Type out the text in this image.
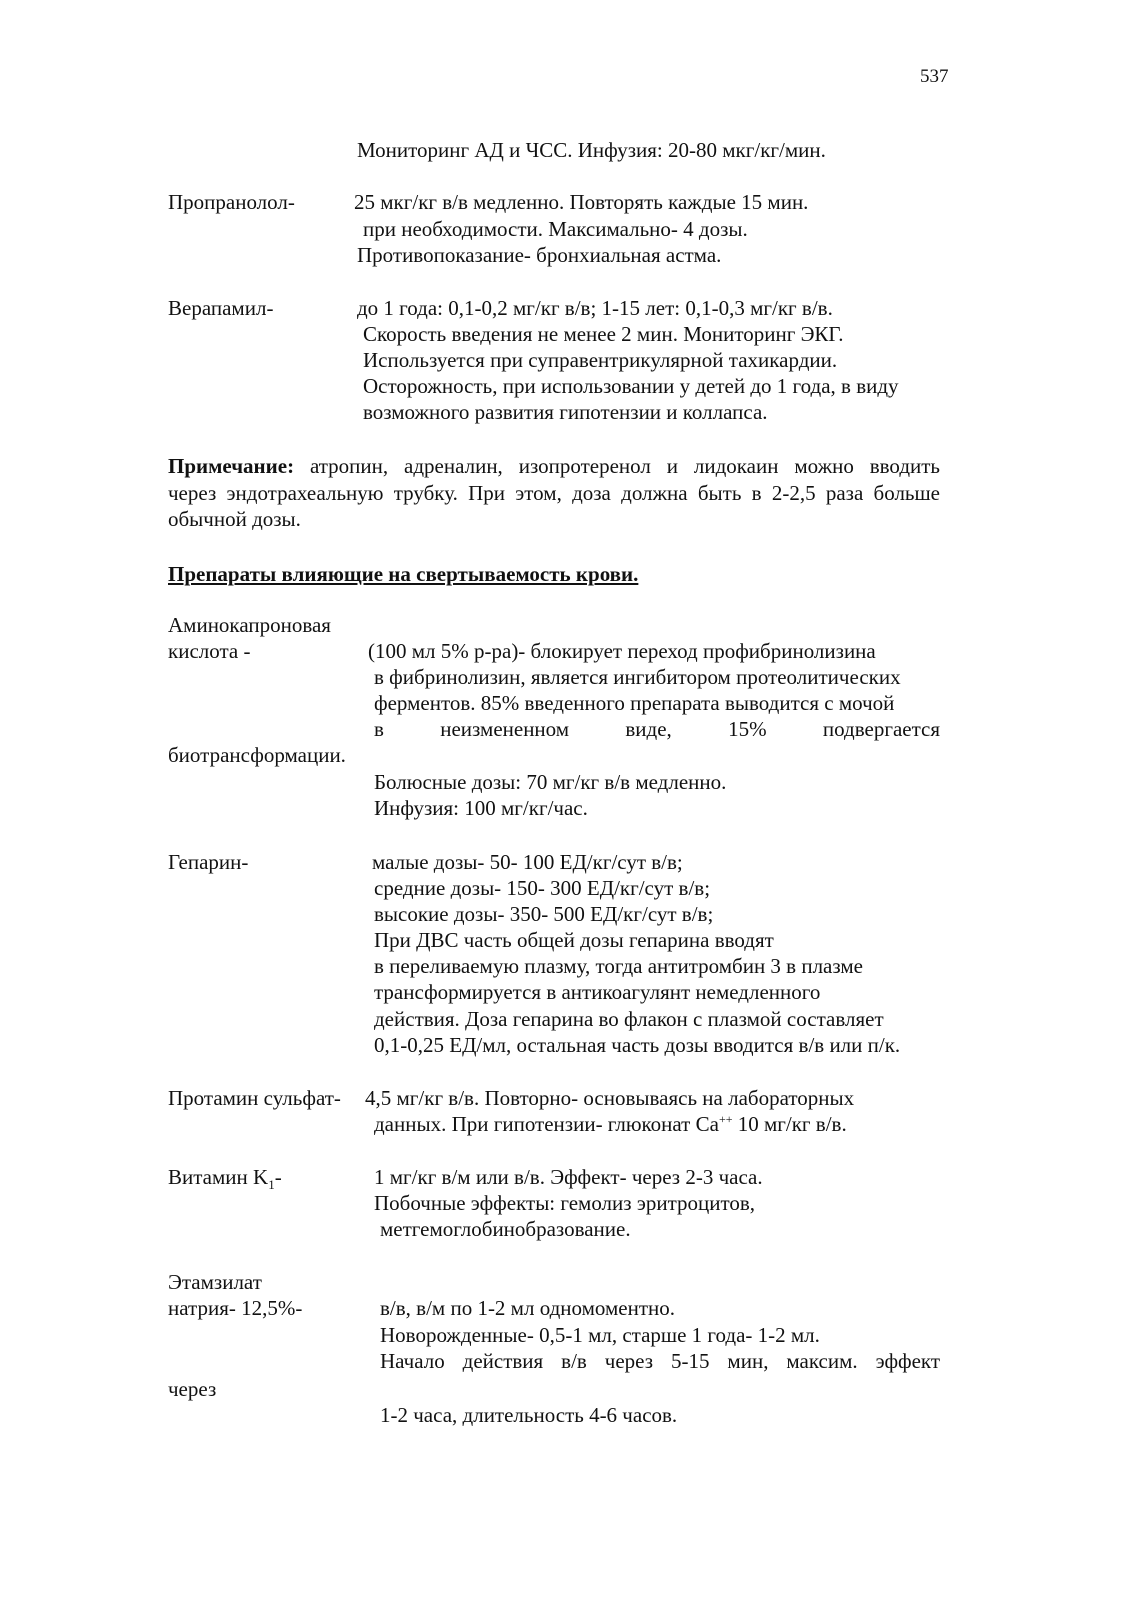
537
Мониторинг АД и ЧСС. Инфузия: 20-80 мкг/кг/мин.
Пропранолол-	25 мкг/кг в/в медленно. Повторять каждые 15 мин.
при необходимости. Максимально- 4 дозы.
Противопоказание- бронхиальная астма.
Верапамил-	до 1 года: 0,1-0,2 мг/кг в/в; 1-15 лет: 0,1-0,3 мг/кг в/в.
Скорость введения не менее 2 мин. Мониторинг ЭКГ.
Используется при суправентрикулярной тахикардии.
Осторожность, при использовании у детей до 1 года, в виду
возможного развития гипотензии и коллапса.
Примечание: атропин, адреналин, изопротеренол и лидокаин можно вводить
через эндотрахеальную трубку. При этом, доза должна быть в 2-2,5 раза больше
обычной дозы.
Препараты влияющие на свертываемость крови.
Аминокапроновая
кислота -	(100 мл 5% р-ра)- блокирует переход профибринолизина
в фибринолизин, является ингибитором протеолитических
ферментов. 85% введенного препарата выводится с мочой
в неизмененном виде, 15% подвергается
биотрансформации.
Болюсные дозы: 70 мг/кг в/в медленно.
Инфузия: 100 мг/кг/час.
Гепарин-	малые дозы- 50- 100 ЕД/кг/сут в/в;
средние дозы- 150- 300 ЕД/кг/сут в/в;
высокие дозы- 350- 500 ЕД/кг/сут в/в;
При ДВС часть общей дозы гепарина вводят
в переливаемую плазму, тогда антитромбин 3 в плазме
трансформируется в антикоагулянт немедленного
действия. Доза гепарина во флакон с плазмой составляет
0,1-0,25 ЕД/мл, остальная часть дозы вводится в/в или п/к.
Протамин сульфат- 4,5 мг/кг в/в. Повторно- основываясь на лабораторных
данных. При гипотензии- глюконат Ca++ 10 мг/кг в/в.
Витамин $K_1-$	1 мг/кг в/м или в/в. Эффект- через 2-3 часа.
Побочные эффекты: гемолиз эритроцитов,
метгемоглобинобразование.
Этамзилат
натрия- 12,5%-	в/в, в/м по 1-2 мл одномоментно.
Новорожденные- 0,5-1 мл, старше 1 года- 1-2 мл.
Начало действия в/в через 5-15 мин, максим. эффект
через
1-2 часа, длительность 4-6 часов.
